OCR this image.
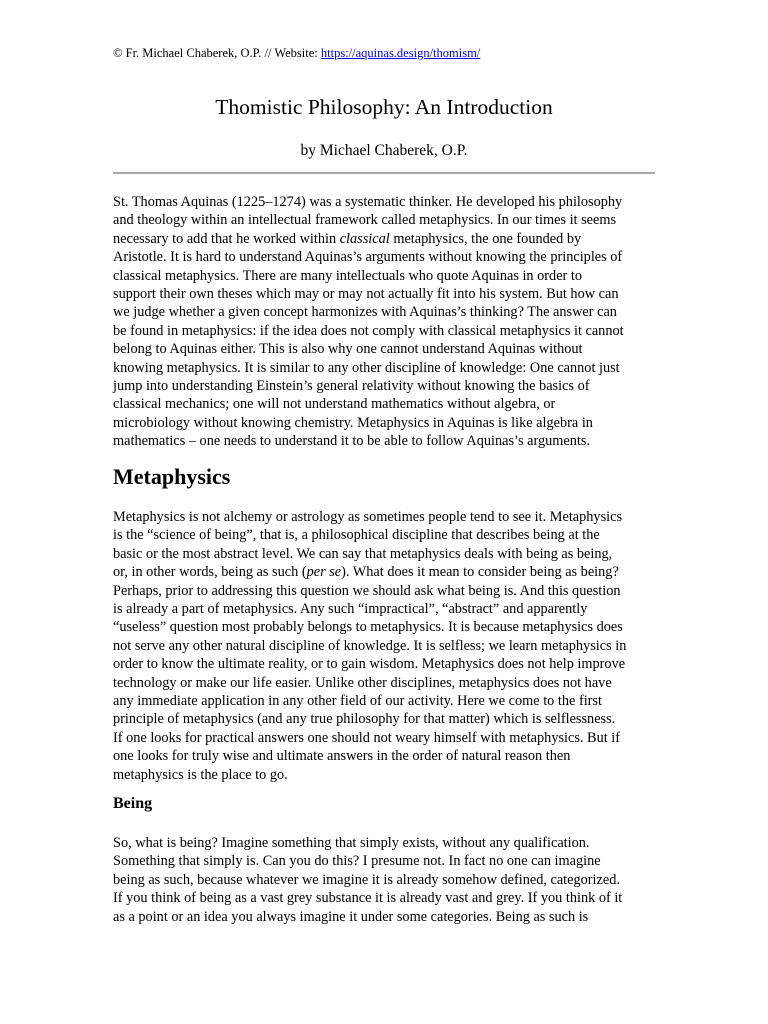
© Fr. Michael Chaberek, O.P. // Website: https://aquinas.design/thomism/
Thomistic Philosophy: An Introduction
by Michael Chaberek, O.P.

St. Thomas Aquinas (1225–1274) was a systematic thinker. He developed his philosophy

and theology within an intellectual framework called metaphysics. In our times it seems

necessary to add that he worked within classical metaphysics, the one founded by

Aristotle. It is hard to understand Aquinas’s arguments without knowing the principles of

classical metaphysics. There are many intellectuals who quote Aquinas in order to

support their own theses which may or may not actually fit into his system. But how can

we judge whether a given concept harmonizes with Aquinas’s thinking? The answer can

be found in metaphysics: if the idea does not comply with classical metaphysics it cannot

belong to Aquinas either. This is also why one cannot understand Aquinas without

knowing metaphysics. It is similar to any other discipline of knowledge: One cannot just

jump into understanding Einstein’s general relativity without knowing the basics of

classical mechanics; one will not understand mathematics without algebra, or

microbiology without knowing chemistry. Metaphysics in Aquinas is like algebra in

mathematics – one needs to understand it to be able to follow Aquinas’s arguments.

Metaphysics

Metaphysics is not alchemy or astrology as sometimes people tend to see it. Metaphysics

is the “science of being”, that is, a philosophical discipline that describes being at the

basic or the most abstract level. We can say that metaphysics deals with being as being,

or, in other words, being as such (per se). What does it mean to consider being as being?

Perhaps, prior to addressing this question we should ask what being is. And this question

is already a part of metaphysics. Any such “impractical”, “abstract” and apparently

“useless” question most probably belongs to metaphysics. It is because metaphysics does

not serve any other natural discipline of knowledge. It is selfless; we learn metaphysics in

order to know the ultimate reality, or to gain wisdom. Metaphysics does not help improve

technology or make our life easier. Unlike other disciplines, metaphysics does not have

any immediate application in any other field of our activity. Here we come to the first

principle of metaphysics (and any true philosophy for that matter) which is selflessness.

If one looks for practical answers one should not weary himself with metaphysics. But if

one looks for truly wise and ultimate answers in the order of natural reason then

metaphysics is the place to go.

Being

So, what is being? Imagine something that simply exists, without any qualification.

Something that simply is. Can you do this? I presume not. In fact no one can imagine

being as such, because whatever we imagine it is already somehow defined, categorized.

If you think of being as a vast grey substance it is already vast and grey. If you think of it

as a point or an idea you always imagine it under some categories. Being as such is
